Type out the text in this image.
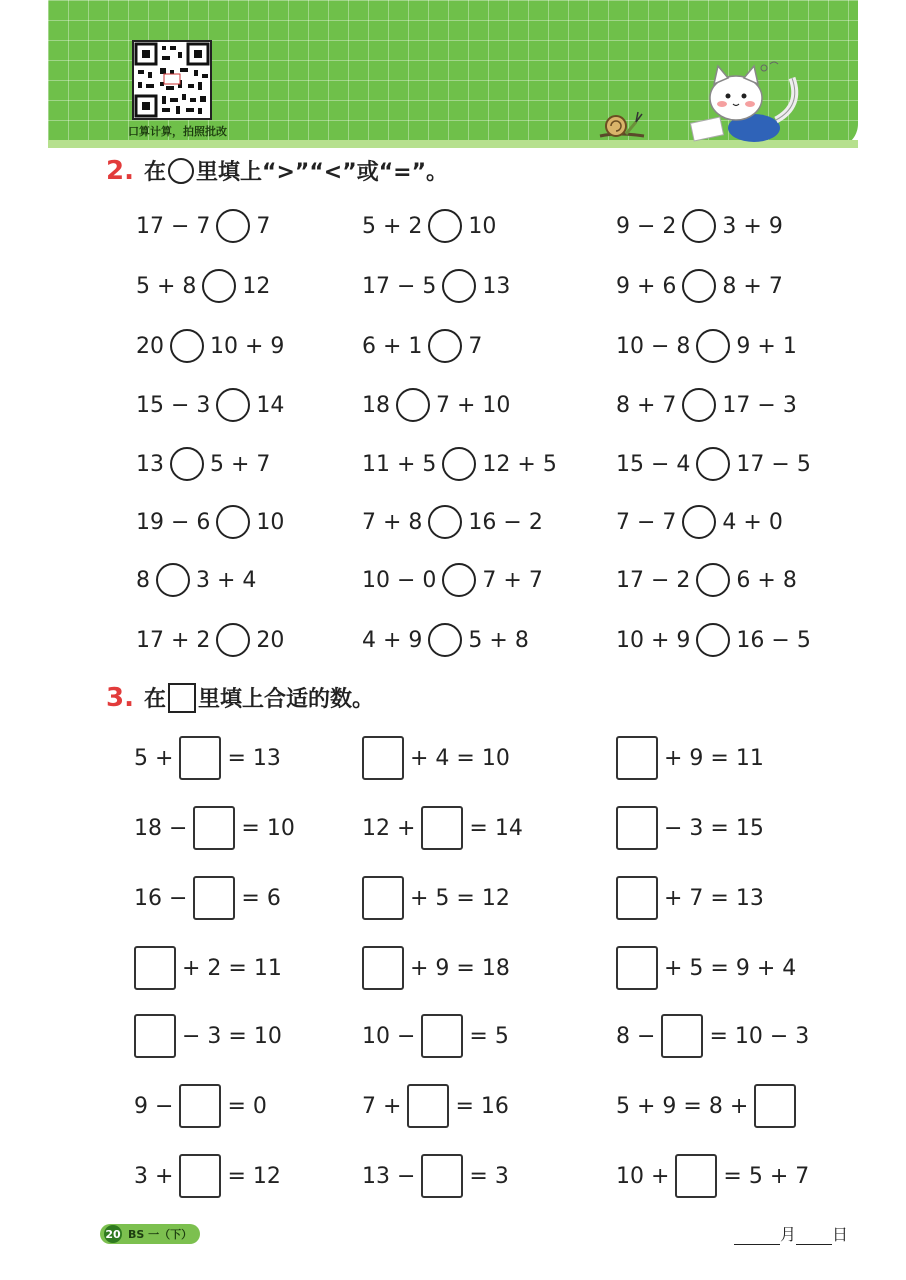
口算计算，拍照批改
2. 在 里填上“>”“<”或“=”。
17 − 7 7	5 + 2 10	9 − 2 3 + 9
5 + 8 12	17 − 5 13	9 + 6 8 + 7
20 10 + 9	6 + 1 7	10 − 8 9 + 1
15 − 3 14	18 7 + 10	8 + 7 17 − 3
13 5 + 7	11 + 5 12 + 5	15 − 4 17 − 5
19 − 6 10	7 + 8 16 − 2	7 − 7 4 + 0
8 3 + 4	10 − 0 7 + 7	17 − 2 6 + 8
17 + 2 20	4 + 9 5 + 8	10 + 9 16 − 5
3. 在 里填上合适的数。
5 + = 13	+ 4 = 10	+ 9 = 11
18 − = 10	12 + = 14	− 3 = 15
16 − = 6	+ 5 = 12	+ 7 = 13
+ 2 = 11	+ 9 = 18	+ 5 = 9 + 4
− 3 = 10	10 − = 5	8 − = 10 − 3
9 − = 0	7 + = 16	5 + 9 = 8 +
3 + = 12	13 − = 3	10 + = 5 + 7
20 BS 一（下）	月 日
